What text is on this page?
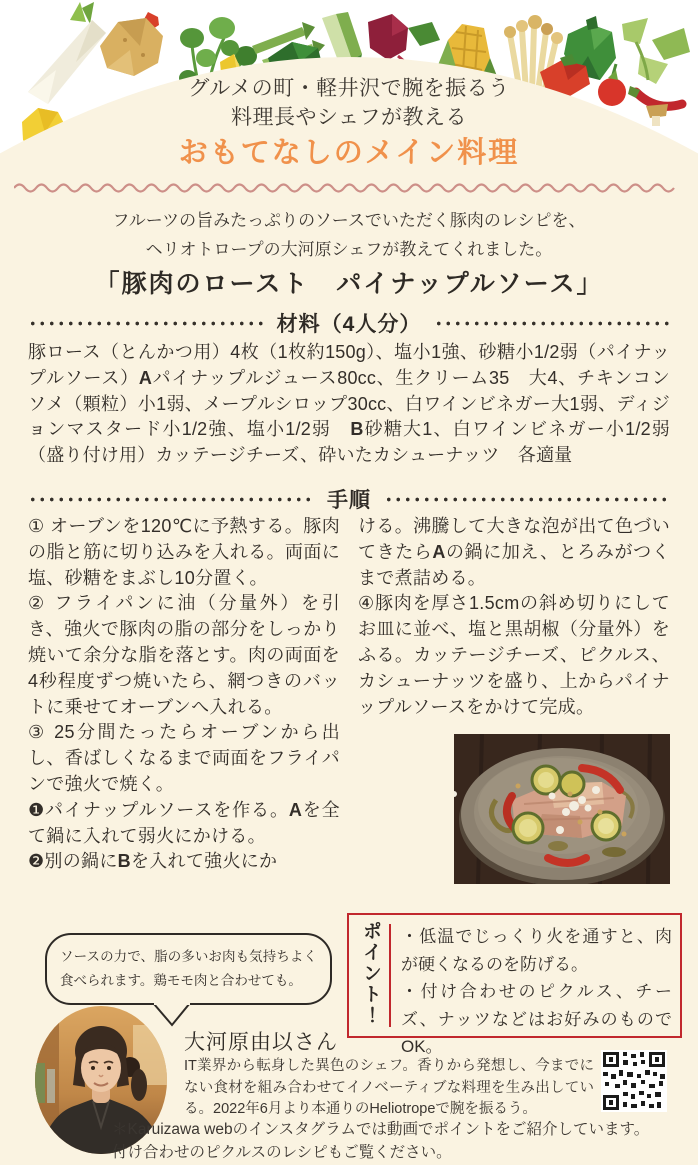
グルメの町・軽井沢で腕を振るう
料理長やシェフが教える
おもてなしのメイン料理
フルーツの旨みたっぷりのソースでいただく豚肉のレシピを、
ヘリオトロープの大河原シェフが教えてくれました。
「豚肉のロースト　パイナップルソース」
材料（4人分）
豚ロース（とんかつ用）4枚（1枚約150g）、塩小1強、砂糖小1/2弱（パイナップルソース）Aパイナップルジュース80cc、生クリーム35　大4、チキンコンソメ（顆粒）小1弱、メープルシロップ30cc、白ワインビネガー大1弱、ディジョンマスタード小1/2強、塩小1/2弱　B砂糖大1、白ワインビネガー小1/2弱（盛り付け用）カッテージチーズ、砕いたカシューナッツ　各適量
手順

① オーブンを120℃に予熱する。豚肉の脂と筋に切り込みを入れる。両面に塩、砂糖をまぶし10分置く。

② フライパンに油（分量外）を引き、強火で豚肉の脂の部分をしっかり焼いて余分な脂を落とす。肉の両面を4秒程度ずつ焼いたら、網つきのバットに乗せてオーブンへ入れる。

③ 25分間たったらオーブンから出し、香ばしくなるまで両面をフライパンで強火で焼く。

❶パイナップルソースを作る。Aを全て鍋に入れて弱火にかける。

❷別の鍋にBを入れて強火にか

ける。沸騰して大きな泡が出て色づいてきたらAの鍋に加え、とろみがつくまで煮詰める。

④豚肉を厚さ1.5cmの斜め切りにしてお皿に並べ、塩と黒胡椒（分量外）をふる。カッテージチーズ、ピクルス、カシューナッツを盛り、上からパイナップルソースをかけて完成。

ソースの力で、脂の多いお肉も気持ちよく食べられます。鶏モモ肉と合わせても。	ポイント！	・低温でじっくり火を通すと、肉が硬くなるのを防げる。

・付け合わせのピクルス、チーズ、ナッツなどはお好みのものでOK。

大河原由以さん
IT業界から転身した異色のシェフ。香りから発想し、今までにない食材を組み合わせてイノベーティブな料理を生み出している。2022年6月より本通りのHeliotropeで腕を振るう。
＊Karuizawa webのインスタグラムでは動画でポイントをご紹介しています。
付け合わせのピクルスのレシピもご覧ください。
